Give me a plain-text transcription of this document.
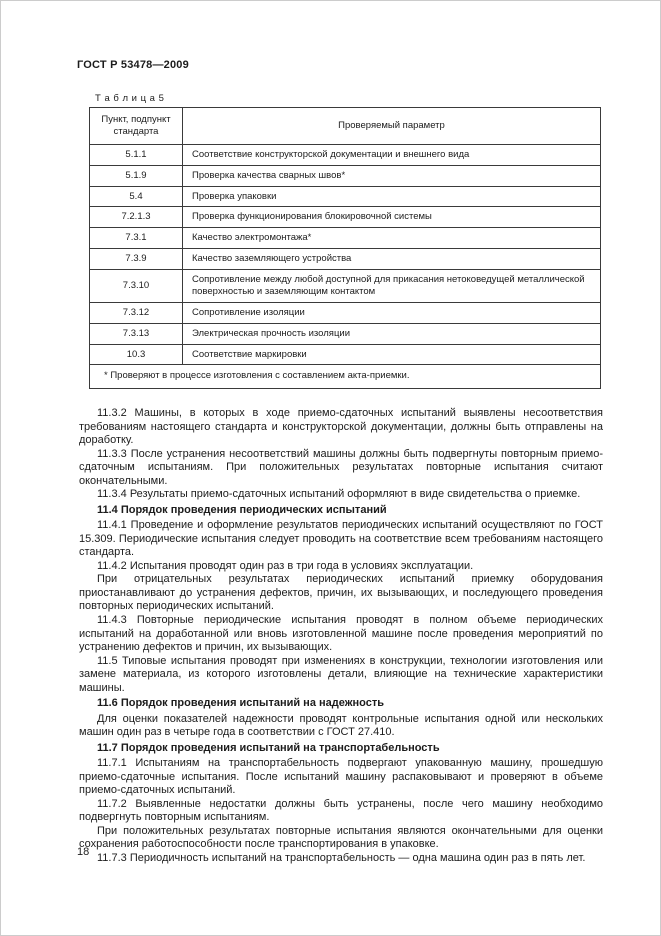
ГОСТ Р 53478—2009
Т а б л и ц а 5
Пункт, подпункт стандарта	Проверяемый параметр
5.1.1	Соответствие конструкторской документации и внешнего вида
5.1.9	Проверка качества сварных швов*
5.4	Проверка упаковки
7.2.1.3	Проверка функционирования блокировочной системы
7.3.1	Качество электромонтажа*
7.3.9	Качество заземляющего устройства
7.3.10	Сопротивление между любой доступной для прикасания нетоковедущей металлической поверхностью и заземляющим контактом
7.3.12	Сопротивление изоляции
7.3.13	Электрическая прочность изоляции
10.3	Соответствие маркировки
* Проверяют в процессе изготовления с составлением акта-приемки.	

11.3.2 Машины, в которых в ходе приемо-сдаточных испытаний выявлены несоответствия требованиям настоящего стандарта и конструкторской документации, должны быть отправлены на доработку.

11.3.3 После устранения несоответствий машины должны быть подвергнуты повторным приемо-сдаточным испытаниям. При положительных результатах повторные испытания считают окончательными.

11.3.4 Результаты приемо-сдаточных испытаний оформляют в виде свидетельства о приемке.

11.4 Порядок проведения периодических испытаний

11.4.1 Проведение и оформление результатов периодических испытаний осуществляют по ГОСТ 15.309. Периодические испытания следует проводить на соответствие всем требованиям настоящего стандарта.

11.4.2 Испытания проводят один раз в три года в условиях эксплуатации.

При отрицательных результатах периодических испытаний приемку оборудования приостанавливают до устранения дефектов, причин, их вызывающих, и последующего проведения повторных периодических испытаний.

11.4.3 Повторные периодические испытания проводят в полном объеме периодических испытаний на доработанной или вновь изготовленной машине после проведения мероприятий по устранению дефектов и причин, их вызывающих.

11.5 Типовые испытания проводят при изменениях в конструкции, технологии изготовления или замене материала, из которого изготовлены детали, влияющие на технические характеристики машины.

11.6 Порядок проведения испытаний на надежность

Для оценки показателей надежности проводят контрольные испытания одной или нескольких машин один раз в четыре года в соответствии с ГОСТ 27.410.

11.7 Порядок проведения испытаний на транспортабельность

11.7.1 Испытаниям на транспортабельность подвергают упакованную машину, прошедшую приемо-сдаточные испытания. После испытаний машину распаковывают и проверяют в объеме приемо-сдаточных испытаний.

11.7.2 Выявленные недостатки должны быть устранены, после чего машину необходимо подвергнуть повторным испытаниям.

При положительных результатах повторные испытания являются окончательными для оценки сохранения работоспособности после транспортирования в упаковке.

11.7.3 Периодичность испытаний на транспортабельность — одна машина один раз в пять лет.

18
